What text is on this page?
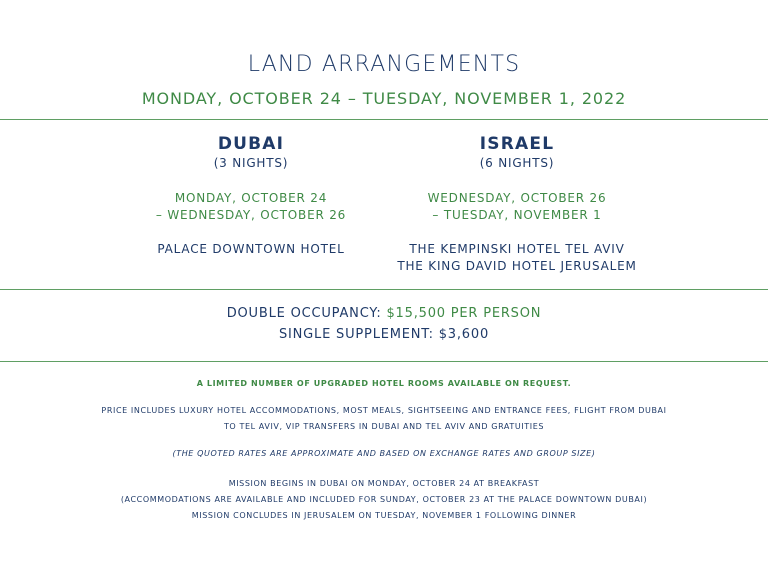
LAND ARRANGEMENTS
MONDAY, OCTOBER 24 – TUESDAY, NOVEMBER 1, 2022
DUBAI
(3 NIGHTS)
MONDAY, OCTOBER 24
– WEDNESDAY, OCTOBER 26
PALACE DOWNTOWN HOTEL
ISRAEL
(6 NIGHTS)
WEDNESDAY, OCTOBER 26
– TUESDAY, NOVEMBER 1
THE KEMPINSKI HOTEL TEL AVIV
THE KING DAVID HOTEL JERUSALEM
DOUBLE OCCUPANCY: $15,500 PER PERSON
SINGLE SUPPLEMENT: $3,600
A LIMITED NUMBER OF UPGRADED HOTEL ROOMS AVAILABLE ON REQUEST.
PRICE INCLUDES LUXURY HOTEL ACCOMMODATIONS, MOST MEALS, SIGHTSEEING AND ENTRANCE FEES, FLIGHT FROM DUBAI
TO TEL AVIV, VIP TRANSFERS IN DUBAI AND TEL AVIV AND GRATUITIES
(THE QUOTED RATES ARE APPROXIMATE AND BASED ON EXCHANGE RATES AND GROUP SIZE)
MISSION BEGINS IN DUBAI ON MONDAY, OCTOBER 24 AT BREAKFAST
(ACCOMMODATIONS ARE AVAILABLE AND INCLUDED FOR SUNDAY, OCTOBER 23 AT THE PALACE DOWNTOWN DUBAI)
MISSION CONCLUDES IN JERUSALEM ON TUESDAY, NOVEMBER 1 FOLLOWING DINNER
